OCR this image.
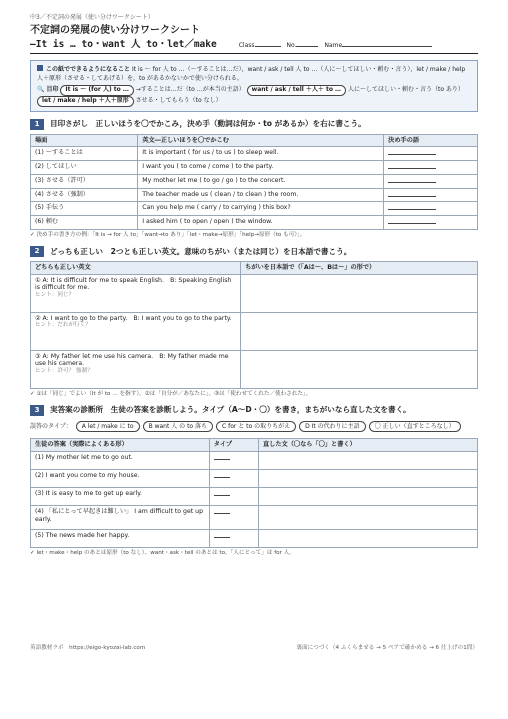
中3／不定詞の発展（使い分けワークシート）
不定詞の発展の使い分けワークシート
―It is … to・want 人 to・let／make	Class	No.	Name
この紙でできるようになること It is ～ for 人 to …（～することは…だ），want / ask / tell 人 to …（人に～してほしい・頼む・言う），let / make / help 人＋原形（させる・してあげる）を，to があるかないかで使い分けられる。
🔍 目印 It is ～ (for 人) to … →することは…だ（to …が本当の主語） want / ask / tell ＋人＋ to … 人に～してほしい・頼む・言う（to あり） let / make / help ＋人＋原形 させる・してもらう（to なし）
1	目印さがし　正しいほうを〇でかこみ，決め手（動詞は何か・to があるか）を右に書こう。
場面	英文―正しいほうを〇でかこむ	決め手の語
(1) ～することは	It is important ( for us / to us ) to sleep well.	
(2) してほしい	I want you ( to come / come ) to the party.	
(3) させる（許可）	My mother let me ( to go / go ) to the concert.	
(4) させる（強制）	The teacher made us ( clean / to clean ) the room.	
(5) 手伝う	Can you help me ( carry / to carrying ) this box?	
(6) 頼む	I asked him ( to open / open ) the window.	
✓ 決め手の書き方の例：「It is → for 人 to」「want→to あり」「let・make→原形」「help→原形（to も可）」。
2	どっちも正しい　2つとも正しい英文。意味のちがい（または同じ）を日本語で書こう。
どちらも正しい英文	ちがいを日本語で（「Aは～、Bは～」の形で）

① A: It is difficult for me to speak English.　B: Speaking English is difficult for me.
ヒント：同じ？	

② A: I want to go to the party.　B: I want you to go to the party.
ヒント：だれが行く？	

③ A: My father let me use his camera.　B: My father made me use his camera.
ヒント：許可？ 強制？	

✓ ①は「同じ」でよい（It が to … を指す）。②は「自分が／あなたに」。③は「使わせてくれた／使わされた」。
3	実答案の診断所　生徒の答案を診断しよう。タイプ（A～D・〇）を書き，まちがいなら直した文を書く。
誤答のタイプ：	A let / make に to	B want 人 の to 落ち	C for と to の取りちがえ	D It の代わりに主語	〇 正しい（直すところなし）
生徒の答案（実際によくある形）	タイプ	直した文（〇なら「〇」と書く）
(1) My mother let me to go out.		
(2) I want you come to my house.		
(3) It is easy to me to get up early.		
(4) 「私にとって早起きは難しい」 I am difficult to get up early.		
(5) The news made her happy.		
✓ let・make・help のあとは原形（to なし）。want・ask・tell のあとは to。「人にとって」は for 人。
英語教材ラボ　https://eigo-kyozai-lab.com	裏面につづく（4 ふくらませる → 5 ペアで確かめる → 6 仕上げの1問）
